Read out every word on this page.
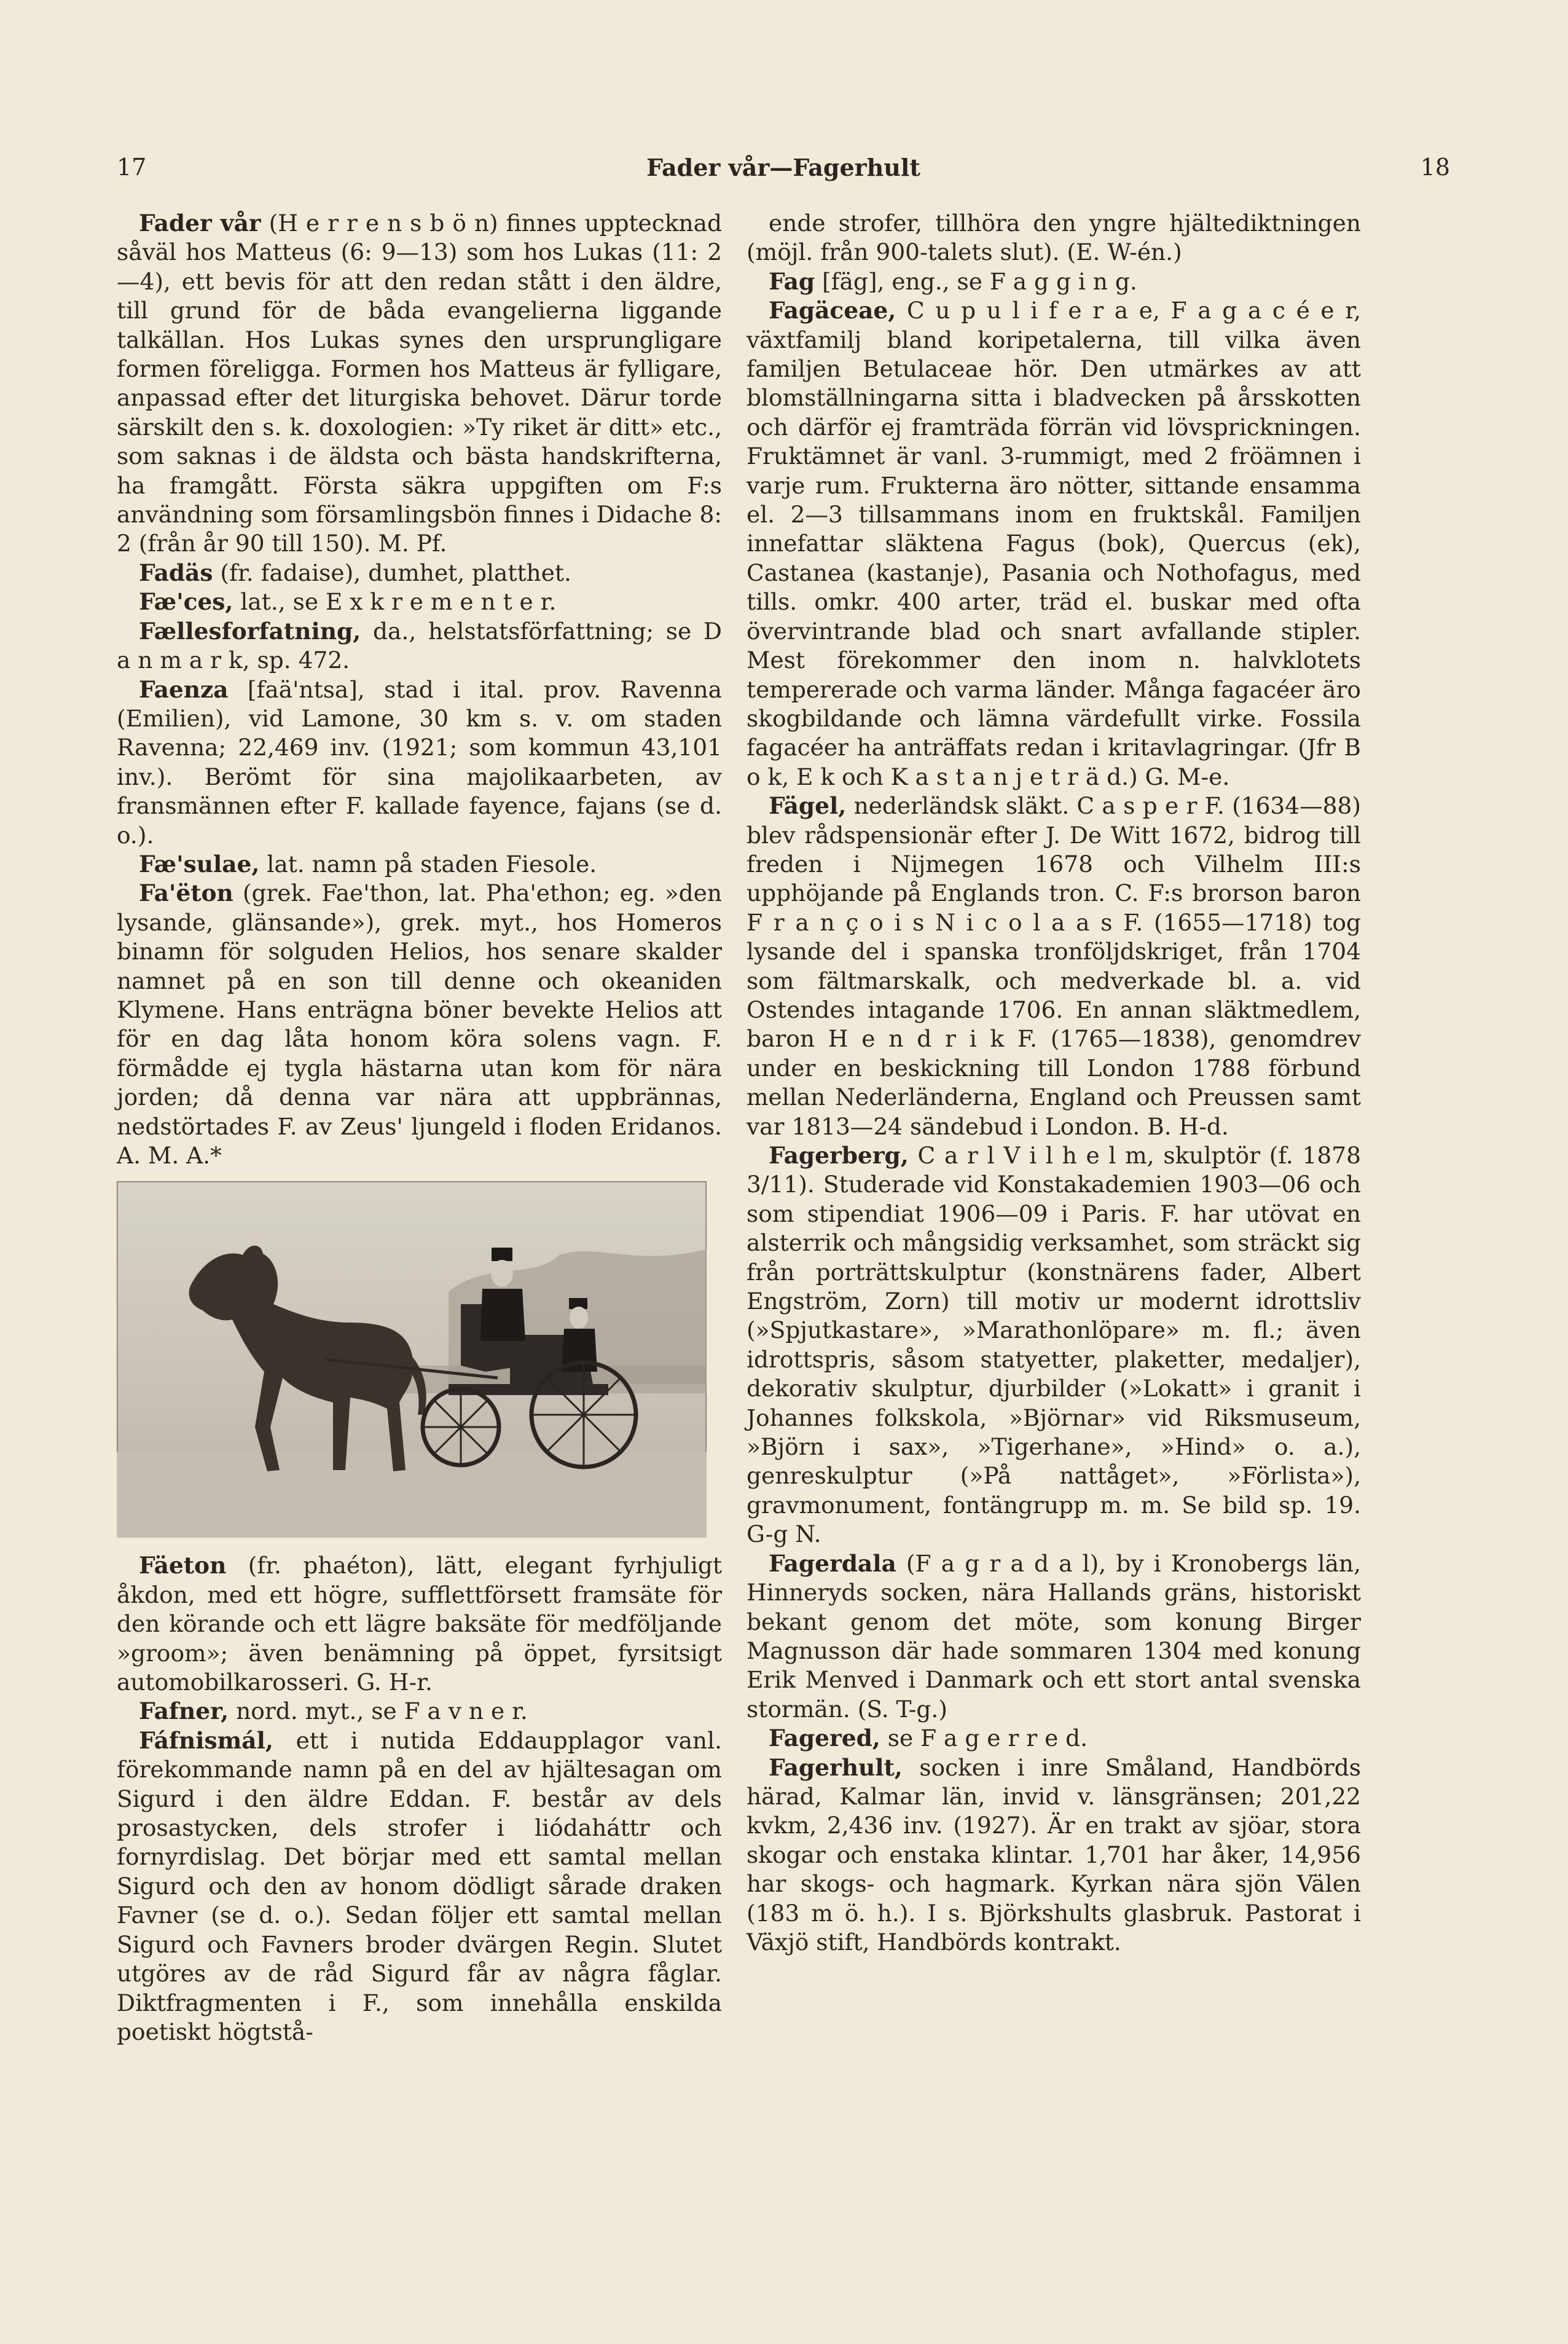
17	Fader vår—Fagerhult	18

Fader vår (H e r r e n s b ö n) finnes upptecknad såväl hos Matteus (6: 9—13) som hos Lukas (11: 2—4), ett bevis för att den redan stått i den äldre, till grund för de båda evangelierna liggande talkällan. Hos Lukas synes den ursprungligare formen föreligga. Formen hos Matteus är fylligare, anpassad efter det liturgiska behovet. Därur torde särskilt den s. k. doxologien: »Ty riket är ditt» etc., som saknas i de äldsta och bästa handskrifterna, ha framgått. Första säkra uppgiften om F:s användning som församlingsbön finnes i Didache 8: 2 (från år 90 till 150). M. Pf.

Fadäs (fr. fadaise), dumhet, platthet.

Fæ'ces, lat., se E x k r e m e n t e r.

Fællesforfatning, da., helstatsförfattning; se D a n m a r k, sp. 472.

Faenza [faä'ntsa], stad i ital. prov. Ravenna (Emilien), vid Lamone, 30 km s. v. om staden Ravenna; 22,469 inv. (1921; som kommun 43,101 inv.). Berömt för sina majolikaarbeten, av fransmännen efter F. kallade fayence, fajans (se d. o.).

Fæ'sulae, lat. namn på staden Fiesole.

Fa'ëton (grek. Fae'thon, lat. Pha'ethon; eg. »den lysande, glänsande»), grek. myt., hos Homeros binamn för solguden Helios, hos senare skalder namnet på en son till denne och okeaniden Klymene. Hans enträgna böner bevekte Helios att för en dag låta honom köra solens vagn. F. förmådde ej tygla hästarna utan kom för nära jorden; då denna var nära att uppbrännas, nedstörtades F. av Zeus' ljungeld i floden Eridanos. A. M. A.*

Fäeton (fr. phaéton), lätt, elegant fyrhjuligt åkdon, med ett högre, sufflettförsett framsäte för den körande och ett lägre baksäte för medföljande »groom»; även benämning på öppet, fyrsitsigt automobilkarosseri. G. H-r.

Fafner, nord. myt., se F a v n e r.

Fáfnismál, ett i nutida Eddaupplagor vanl. förekommande namn på en del av hjältesagan om Sigurd i den äldre Eddan. F. består av dels prosastycken, dels strofer i liódaháttr och fornyrdislag. Det börjar med ett samtal mellan Sigurd och den av honom dödligt sårade draken Favner (se d. o.). Sedan följer ett samtal mellan Sigurd och Favners broder dvärgen Regin. Slutet utgöres av de råd Sigurd får av några fåglar. Diktfragmenten i F., som innehålla enskilda poetiskt högtstå-

ende strofer, tillhöra den yngre hjältediktningen (möjl. från 900-talets slut). (E. W-én.)

Fag [fäg], eng., se F a g g i n g.

Fagäceae, C u p u l i f e r a e, F a g a c é e r, växtfamilj bland koripetalerna, till vilka även familjen Betulaceae hör. Den utmärkes av att blomställningarna sitta i bladvecken på årsskotten och därför ej framträda förrän vid lövsprickningen. Fruktämnet är vanl. 3-rummigt, med 2 fröämnen i varje rum. Frukterna äro nötter, sittande ensamma el. 2—3 tillsammans inom en fruktskål. Familjen innefattar släktena Fagus (bok), Quercus (ek), Castanea (kastanje), Pasania och Nothofagus, med tills. omkr. 400 arter, träd el. buskar med ofta övervintrande blad och snart avfallande stipler. Mest förekommer den inom n. halvklotets tempererade och varma länder. Många fagacéer äro skogbildande och lämna värdefullt virke. Fossila fagacéer ha anträffats redan i kritavlagringar. (Jfr B o k, E k och K a s t a n j e t r ä d.) G. M-e.

Fägel, nederländsk släkt. C a s p e r F. (1634—88) blev rådspensionär efter J. De Witt 1672, bidrog till freden i Nijmegen 1678 och Vilhelm III:s upphöjande på Englands tron. C. F:s brorson baron F r a n ç o i s N i c o l a a s F. (1655—1718) tog lysande del i spanska tronföljdskriget, från 1704 som fältmarskalk, och medverkade bl. a. vid Ostendes intagande 1706. En annan släktmedlem, baron H e n d r i k F. (1765—1838), genomdrev under en beskickning till London 1788 förbund mellan Nederländerna, England och Preussen samt var 1813—24 sändebud i London. B. H-d.

Fagerberg, C a r l V i l h e l m, skulptör (f. 1878 3/11). Studerade vid Konstakademien 1903—06 och som stipendiat 1906—09 i Paris. F. har utövat en alsterrik och mångsidig verksamhet, som sträckt sig från porträttskulptur (konstnärens fader, Albert Engström, Zorn) till motiv ur modernt idrottsliv (»Spjutkastare», »Marathonlöpare» m. fl.; även idrottspris, såsom statyetter, plaketter, medaljer), dekorativ skulptur, djurbilder (»Lokatt» i granit i Johannes folkskola, »Björnar» vid Riksmuseum, »Björn i sax», »Tigerhane», »Hind» o. a.), genreskulptur (»På nattåget», »Förlista»), gravmonument, fontängrupp m. m. Se bild sp. 19. G-g N.

Fagerdala (F a g r a d a l), by i Kronobergs län, Hinneryds socken, nära Hallands gräns, historiskt bekant genom det möte, som konung Birger Magnusson där hade sommaren 1304 med konung Erik Menved i Danmark och ett stort antal svenska stormän. (S. T-g.)

Fagered, se F a g e r r e d.

Fagerhult, socken i inre Småland, Handbörds härad, Kalmar län, invid v. länsgränsen; 201,22 kvkm, 2,436 inv. (1927). Är en trakt av sjöar, stora skogar och enstaka klintar. 1,701 har åker, 14,956 har skogs- och hagmark. Kyrkan nära sjön Välen (183 m ö. h.). I s. Björkshults glasbruk. Pastorat i Växjö stift, Handbörds kontrakt.
